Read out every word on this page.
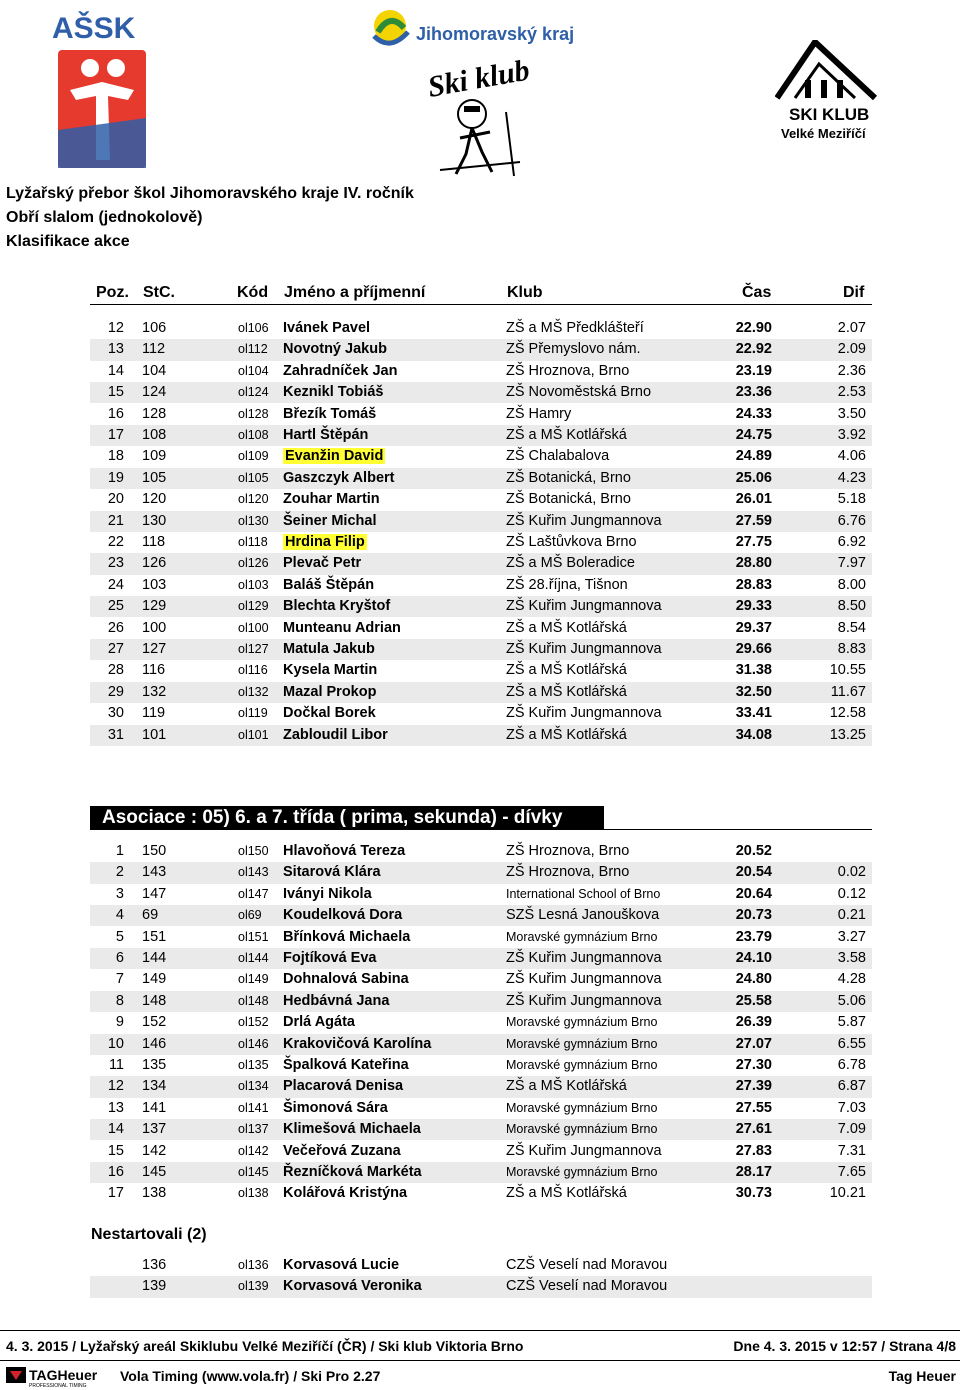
AŠSK	Jihomoravský kraj
Ski klub
SKI KLUB
Velké Meziříčí
Lyžařský přebor škol Jihomoravského kraje IV. ročník
Obří slalom (jednokolově)
Klasifikace akce
Poz. StC.	Kód Jméno a příjmenní	Klub	Čas	Dif
12 106	ol106 Ivánek Pavel	ZŠ a MŠ Předklášteří	22.90	2.07
13 112	ol112	Novotný Jakub	ZŠ Přemyslovo nám.	22.92	2.09
14 104	ol104 Zahradníček Jan	ZŠ Hroznova, Brno	23.19	2.36
15 124	ol124 Keznikl Tobiáš	ZŠ Novoměstská Brno	23.36	2.53
16 128	ol128 Březík Tomáš	ZŠ Hamry	24.33	3.50
17 108	ol108 Hartl Štěpán	ZŠ a MŠ Kotlářská	24.75	3.92
18 109	ol109	Evanžin David	ZŠ Chalabalova	24.89	4.06
19 105	ol105 Gaszczyk Albert	ZŠ Botanická, Brno	25.06	4.23
20 120	ol120 Zouhar Martin	ZŠ Botanická, Brno	26.01	5.18
21 130	ol130 Šeiner Michal	ZŠ Kuřim Jungmannova	27.59	6.76
22 118	ol118	Hrdina Filip	ZŠ Laštůvkova Brno	27.75	6.92
23 126	ol126 Plevač Petr	ZŠ a MŠ Boleradice	28.80	7.97
24 103	ol103 Baláš Štěpán	ZŠ 28.října, Tišnon	28.83	8.00
25 129	ol129 Blechta Kryštof	ZŠ Kuřim Jungmannova	29.33	8.50
26 100	ol100 Munteanu Adrian	ZŠ a MŠ Kotlářská	29.37	8.54
27 127	ol127 Matula Jakub	ZŠ Kuřim Jungmannova	29.66	8.83
28 116	ol116	Kysela Martin	ZŠ a MŠ Kotlářská	31.38	10.55
29 132	ol132 Mazal Prokop	ZŠ a MŠ Kotlářská	32.50	11.67
30 119	ol119	Dočkal Borek	ZŠ Kuřim Jungmannova	33.41	12.58
31 101	ol101 Zabloudil Libor	ZŠ a MŠ Kotlářská	34.08	13.25
Asociace : 05) 6. a 7. třída ( prima, sekunda) - dívky
1 150	ol150 Hlavoňová Tereza	ZŠ Hroznova, Brno	20.52
2 143	ol143 Sitarová Klára	ZŠ Hroznova, Brno	20.54	0.02
3 147	ol147 Iványi Nikola	International School of Brno	20.64	0.12
4 69	ol69	Koudelková Dora	SZŠ Lesná Janouškova	20.73	0.21
5 151	ol151 Břínková Michaela	Moravské gymnázium Brno	23.79	3.27
6 144	ol144 Fojtíková Eva	ZŠ Kuřim Jungmannova	24.10	3.58
7 149	ol149 Dohnalová Sabina	ZŠ Kuřim Jungmannova	24.80	4.28
8 148	ol148 Hedbávná Jana	ZŠ Kuřim Jungmannova	25.58	5.06
9 152	ol152 Drlá Agáta	Moravské gymnázium Brno	26.39	5.87
10 146	ol146 Krakovičová Karolína	Moravské gymnázium Brno	27.07	6.55
11 135	ol135 Špalková Kateřina	Moravské gymnázium Brno	27.30	6.78
12 134	ol134 Placarová Denisa	ZŠ a MŠ Kotlářská	27.39	6.87
13 141	ol141 Šimonová Sára	Moravské gymnázium Brno	27.55	7.03
14 137	ol137 Klimešová Michaela	Moravské gymnázium Brno	27.61	7.09
15 142	ol142 Večeřová Zuzana	ZŠ Kuřim Jungmannova	27.83	7.31
16 145	ol145 Řezníčková Markéta	Moravské gymnázium Brno	28.17	7.65
17 138	ol138 Kolářová Kristýna	ZŠ a MŠ Kotlářská	30.73	10.21
Nestartovali (2)
136	ol136 Korvasová Lucie	CZŠ Veselí nad Moravou
139	ol139 Korvasová Veronika	CZŠ Veselí nad Moravou
4. 3. 2015 / Lyžařský areál Skiklubu Velké Meziříčí (ČR) / Ski klub Viktoria Brno	Dne 4. 3. 2015 v 12:57 / Strana 4/8
TAGHeuer
PROFESSIONAL TIMING
Vola Timing (www.vola.fr) / Ski Pro 2.27	Tag Heuer
